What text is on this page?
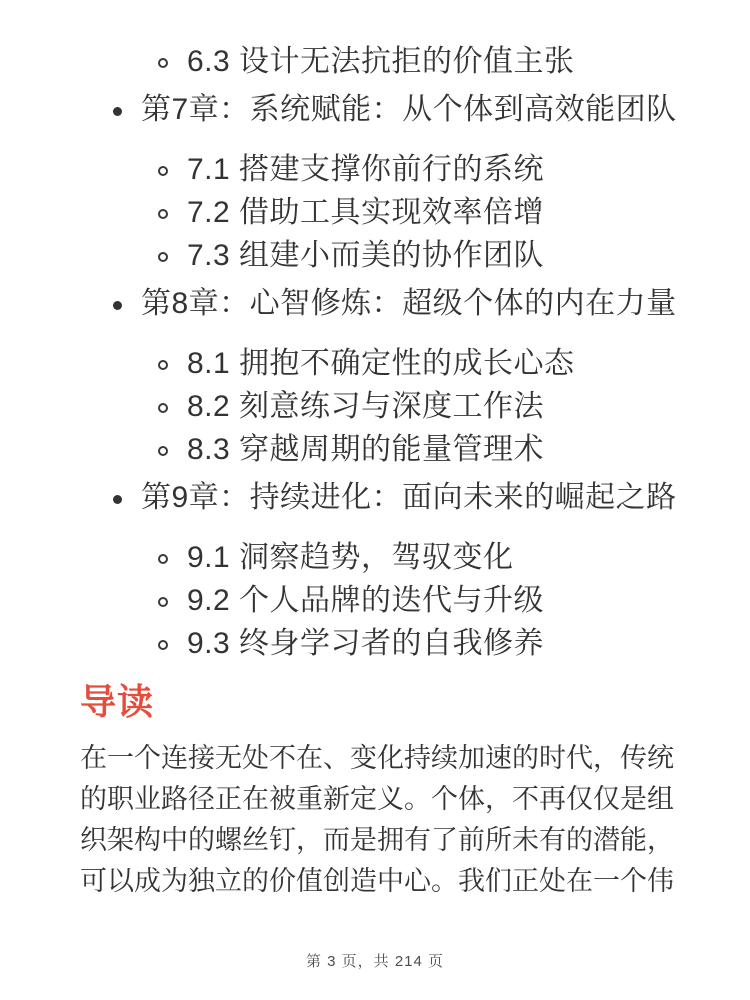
6.3 设计无法抗拒的价值主张
第7章：系统赋能：从个体到高效能团队
7.1 搭建支撑你前行的系统
7.2 借助工具实现效率倍增
7.3 组建小而美的协作团队
第8章：心智修炼：超级个体的内在力量
8.1 拥抱不确定性的成长心态
8.2 刻意练习与深度工作法
8.3 穿越周期的能量管理术
第9章：持续进化：面向未来的崛起之路
9.1 洞察趋势，驾驭变化
9.2 个人品牌的迭代与升级
9.3 终身学习者的自我修养
导读

在一个连接无处不在、变化持续加速的时代，传统的职业路径正在被重新定义。个体，不再仅仅是组织架构中的螺丝钉，而是拥有了前所未有的潜能，可以成为独立的价值创造中心。我们正处在一个伟

第 3 页，共 214 页
